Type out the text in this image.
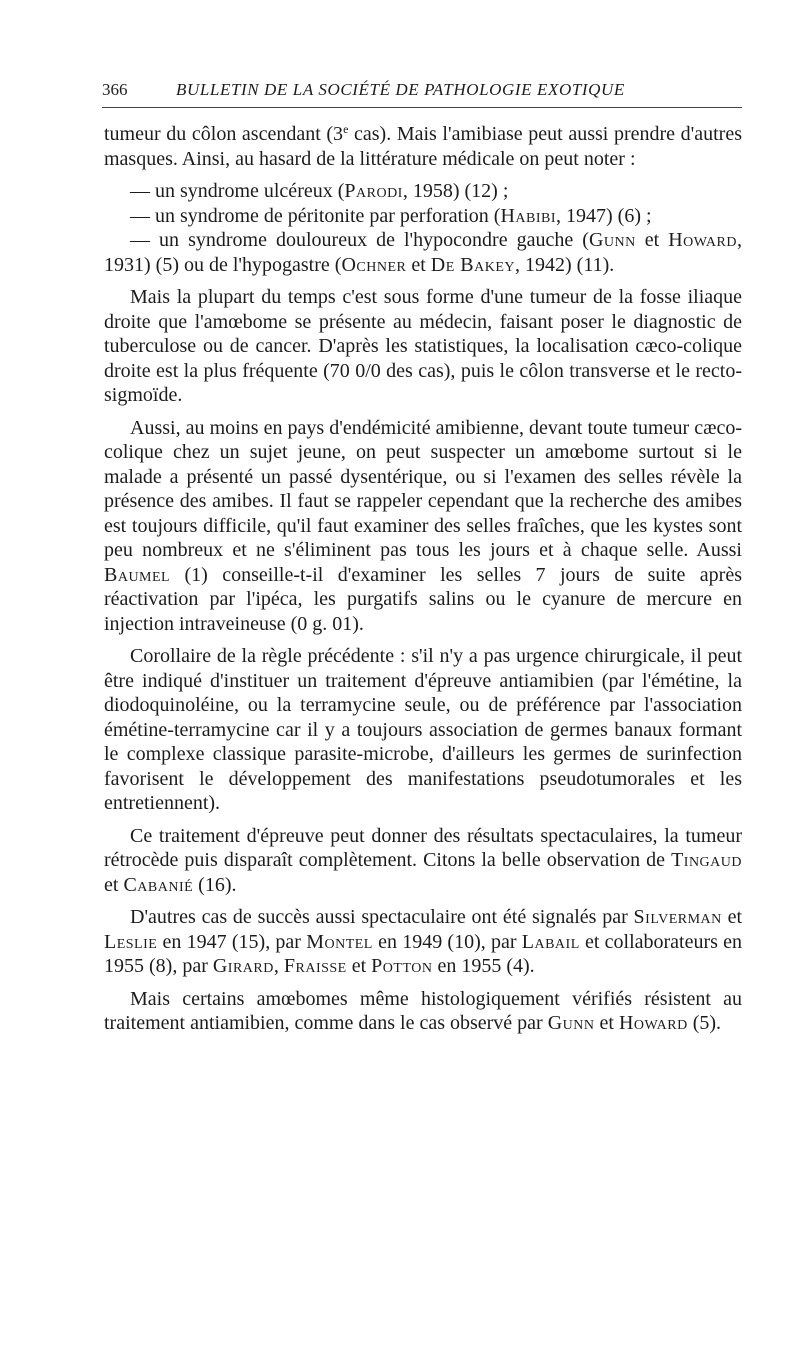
366	BULLETIN DE LA SOCIÉTÉ DE PATHOLOGIE EXOTIQUE

tumeur du côlon ascendant (3e cas). Mais l'amibiase peut aussi prendre d'autres masques. Ainsi, au hasard de la littérature médicale on peut noter :

— un syndrome ulcéreux (Parodi, 1958) (12) ;

— un syndrome de péritonite par perforation (Habibi, 1947) (6) ;

— un syndrome douloureux de l'hypocondre gauche (Gunn et Howard, 1931) (5) ou de l'hypogastre (Ochner et De Bakey, 1942) (11).

Mais la plupart du temps c'est sous forme d'une tumeur de la fosse iliaque droite que l'amœbome se présente au médecin, faisant poser le diagnostic de tuberculose ou de cancer. D'après les statistiques, la localisation cæco-colique droite est la plus fréquente (70 0/0 des cas), puis le côlon transverse et le recto-sigmoïde.

Aussi, au moins en pays d'endémicité amibienne, devant toute tumeur cæco-colique chez un sujet jeune, on peut suspecter un amœbome surtout si le malade a présenté un passé dysentérique, ou si l'examen des selles révèle la présence des amibes. Il faut se rappeler cependant que la recherche des amibes est toujours difficile, qu'il faut examiner des selles fraîches, que les kystes sont peu nombreux et ne s'éliminent pas tous les jours et à chaque selle. Aussi Baumel (1) conseille-t-il d'examiner les selles 7 jours de suite après réactivation par l'ipéca, les purgatifs salins ou le cyanure de mercure en injection intraveineuse (0 g. 01).

Corollaire de la règle précédente : s'il n'y a pas urgence chirurgicale, il peut être indiqué d'instituer un traitement d'épreuve antiamibien (par l'émétine, la diodoquinoléine, ou la terramycine seule, ou de préférence par l'association émétine-terramycine car il y a toujours association de germes banaux formant le complexe classique parasite-microbe, d'ailleurs les germes de surinfection favorisent le développement des manifestations pseudotumorales et les entretiennent).

Ce traitement d'épreuve peut donner des résultats spectaculaires, la tumeur rétrocède puis disparaît complètement. Citons la belle observation de Tingaud et Cabanié (16).

D'autres cas de succès aussi spectaculaire ont été signalés par Silverman et Leslie en 1947 (15), par Montel en 1949 (10), par Labail et collaborateurs en 1955 (8), par Girard, Fraisse et Potton en 1955 (4).

Mais certains amœbomes même histologiquement vérifiés résistent au traitement antiamibien, comme dans le cas observé par Gunn et Howard (5).
